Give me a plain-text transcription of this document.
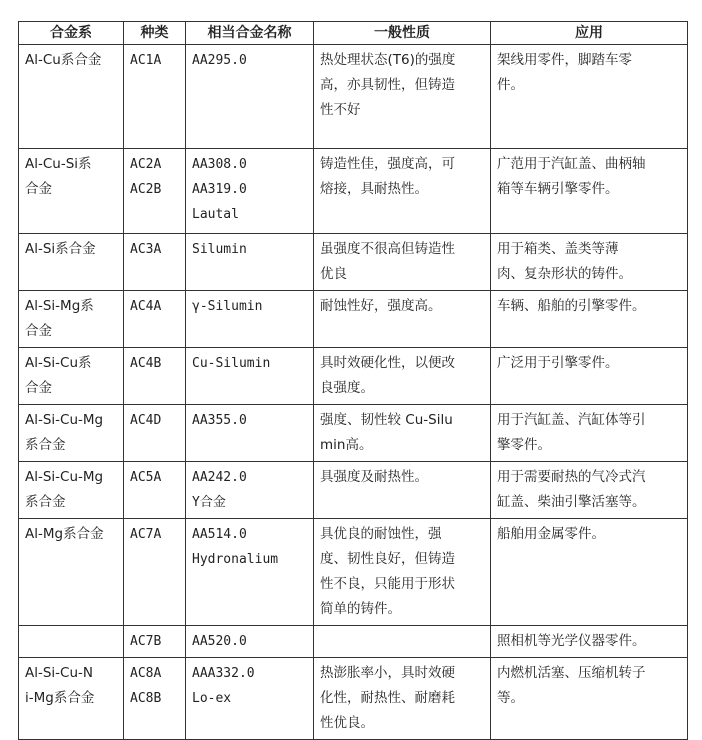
合金系	种类	相当合金名称	一般性质	应用

Al-Cu系合金	AC1A	AA295.0	热处理状态(T6)的强度
高，亦具韧性，但铸造
性不好	架线用零件，脚踏车零
件。

Al-Cu-Si系
合金	AC2A
AC2B	AA308.0
AA319.0
Lautal	铸造性佳，强度高，可
熔接，具耐热性。	广范用于汽缸盖、曲柄轴
箱等车辆引擎零件。

Al-Si系合金	AC3A	Silumin	虽强度不很高但铸造性
优良	用于箱类、盖类等薄
肉、复杂形状的铸件。

Al-Si-Mg系
合金	AC4A	γ-Silumin	耐蚀性好，强度高。	车辆、船舶的引擎零件。

Al-Si-Cu系
合金	AC4B	Cu-Silumin	具时效硬化性，以便改
良强度。	广泛用于引擎零件。

Al-Si-Cu-Mg
系合金	AC4D	AA355.0	强度、韧性较 Cu-Silu
min高。	用于汽缸盖、汽缸体等引
擎零件。

Al-Si-Cu-Mg
系合金	AC5A	AA242.0
Y合金	具强度及耐热性。	用于需要耐热的气冷式汽
缸盖、柴油引擎活塞等。

Al-Mg系合金	AC7A	AA514.0
Hydronalium	具优良的耐蚀性，强
度、韧性良好，但铸造
性不良，只能用于形状
简单的铸件。	船舶用金属零件。

	AC7B	AA520.0		照相机等光学仪器零件。

Al-Si-Cu-N
i-Mg系合金	AC8A
AC8B	AAA332.0
Lo-ex	热澎胀率小，具时效硬
化性，耐热性、耐磨耗
性优良。	内燃机活塞、压缩机转子
等。
